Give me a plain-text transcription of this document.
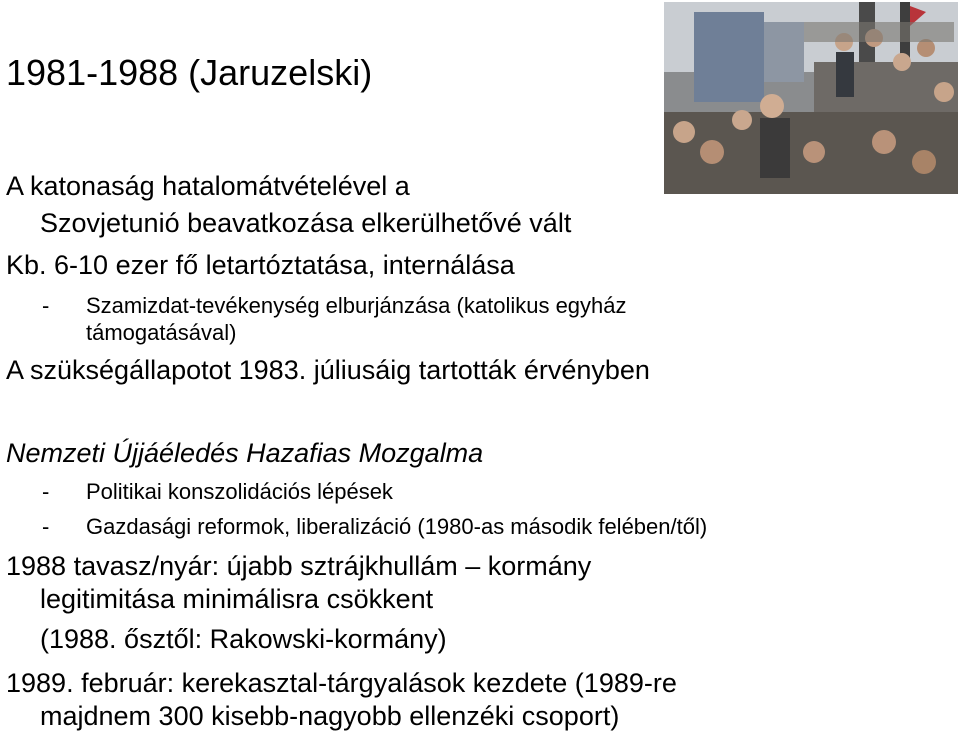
1981-1988 (Jaruzelski)

A katonaság hatalomátvételével a

Szovjetunió beavatkozása elkerülhetővé vált

Kb. 6-10 ezer fő letartóztatása, internálása

- Szamizdat-tevékenység elburjánzása (katolikus egyház

támogatásával)

A szükségállapotot 1983. júliusáig tartották érvényben

Nemzeti Újjáéledés Hazafias Mozgalma

- Politikai konszolidációs lépések

- Gazdasági reformok, liberalizáció (1980-as második felében/től)

1988 tavasz/nyár: újabb sztrájkhullám – kormány

legitimitása minimálisra csökkent

(1988. ősztől: Rakowski-kormány)

1989. február: kerekasztal-tárgyalások kezdete (1989-re

majdnem 300 kisebb-nagyobb ellenzéki csoport)
